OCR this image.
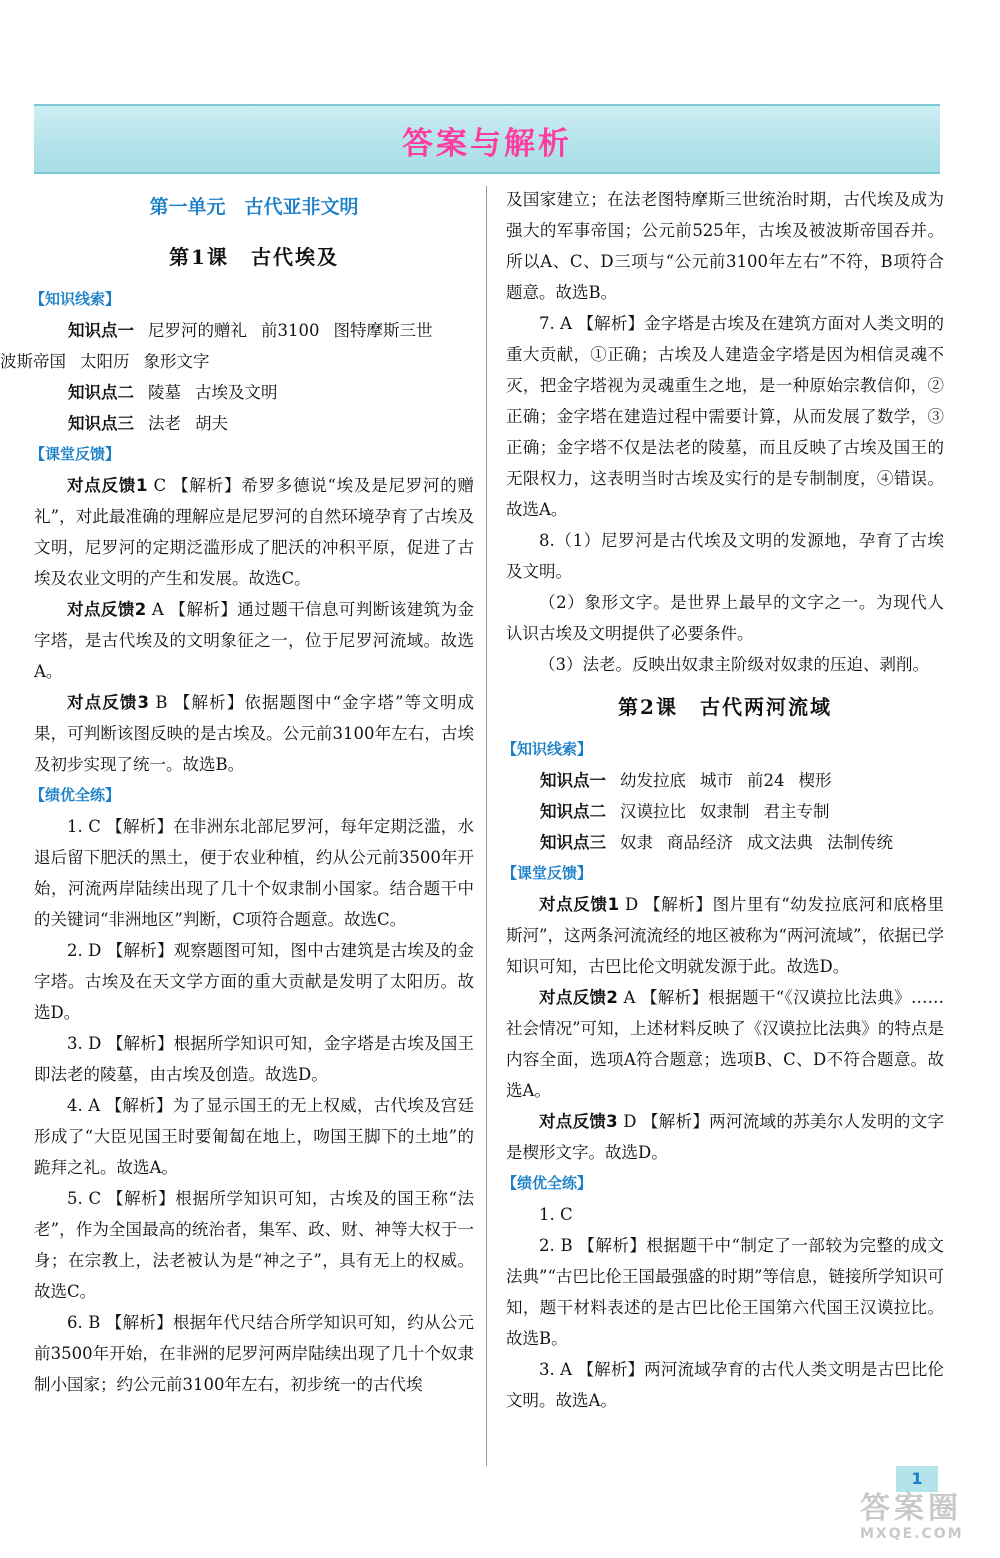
答案与解析
第一单元　古代亚非文明
第1课　古代埃及
【知识线索】

知识点一 尼罗河的赠礼 前3100 图特摩斯三世
波斯帝国 太阳历 象形文字

知识点二 陵墓 古埃及文明

知识点三 法老 胡夫

【课堂反馈】

对点反馈1 C 【解析】希罗多德说“埃及是尼罗河的赠礼”，对此最准确的理解应是尼罗河的自然环境孕育了古埃及文明，尼罗河的定期泛滥形成了肥沃的冲积平原，促进了古埃及农业文明的产生和发展。故选C。

对点反馈2 A 【解析】通过题干信息可判断该建筑为金字塔，是古代埃及的文明象征之一，位于尼罗河流域。故选A。

对点反馈3 B 【解析】依据题图中“金字塔”等文明成果，可判断该图反映的是古埃及。公元前3100年左右，古埃及初步实现了统一。故选B。

【绩优全练】

1. C 【解析】在非洲东北部尼罗河，每年定期泛滥，水退后留下肥沃的黑土，便于农业种植，约从公元前3500年开始，河流两岸陆续出现了几十个奴隶制小国家。结合题干中的关键词“非洲地区”判断，C项符合题意。故选C。

2. D 【解析】观察题图可知，图中古建筑是古埃及的金字塔。古埃及在天文学方面的重大贡献是发明了太阳历。故选D。

3. D 【解析】根据所学知识可知，金字塔是古埃及国王即法老的陵墓，由古埃及创造。故选D。

4. A 【解析】为了显示国王的无上权威，古代埃及宫廷形成了“大臣见国王时要匍匐在地上，吻国王脚下的土地”的跪拜之礼。故选A。

5. C 【解析】根据所学知识可知，古埃及的国王称“法老”，作为全国最高的统治者，集军、政、财、神等大权于一身；在宗教上，法老被认为是“神之子”，具有无上的权威。故选C。

6. B 【解析】根据年代尺结合所学知识可知，约从公元前3500年开始，在非洲的尼罗河两岸陆续出现了几十个奴隶制小国家；约公元前3100年左右，初步统一的古代埃

及国家建立；在法老图特摩斯三世统治时期，古代埃及成为强大的军事帝国；公元前525年，古埃及被波斯帝国吞并。所以A、C、D三项与“公元前3100年左右”不符，B项符合题意。故选B。

7. A 【解析】金字塔是古埃及在建筑方面对人类文明的重大贡献，①正确；古埃及人建造金字塔是因为相信灵魂不灭，把金字塔视为灵魂重生之地，是一种原始宗教信仰，②正确；金字塔在建造过程中需要计算，从而发展了数学，③正确；金字塔不仅是法老的陵墓，而且反映了古埃及国王的无限权力，这表明当时古埃及实行的是专制制度，④错误。故选A。

8.（1）尼罗河是古代埃及文明的发源地，孕育了古埃及文明。

（2）象形文字。是世界上最早的文字之一。为现代人认识古埃及文明提供了必要条件。

（3）法老。反映出奴隶主阶级对奴隶的压迫、剥削。

第2课　古代两河流域
【知识线索】

知识点一 幼发拉底 城市 前24 楔形

知识点二 汉谟拉比 奴隶制 君主专制

知识点三 奴隶 商品经济 成文法典 法制传统

【课堂反馈】

对点反馈1 D 【解析】图片里有“幼发拉底河和底格里斯河”，这两条河流流经的地区被称为“两河流域”，依据已学知识可知，古巴比伦文明就发源于此。故选D。

对点反馈2 A 【解析】根据题干“《汉谟拉比法典》……社会情况”可知，上述材料反映了《汉谟拉比法典》的特点是内容全面，选项A符合题意；选项B、C、D不符合题意。故选A。

对点反馈3 D 【解析】两河流域的苏美尔人发明的文字是楔形文字。故选D。

【绩优全练】

1. C

2. B 【解析】根据题干中“制定了一部较为完整的成文法典”“古巴比伦王国最强盛的时期”等信息，链接所学知识可知，题干材料表述的是古巴比伦王国第六代国王汉谟拉比。故选B。

3. A 【解析】两河流域孕育的古代人类文明是古巴比伦文明。故选A。

1
答案圈
MXQE.COM
